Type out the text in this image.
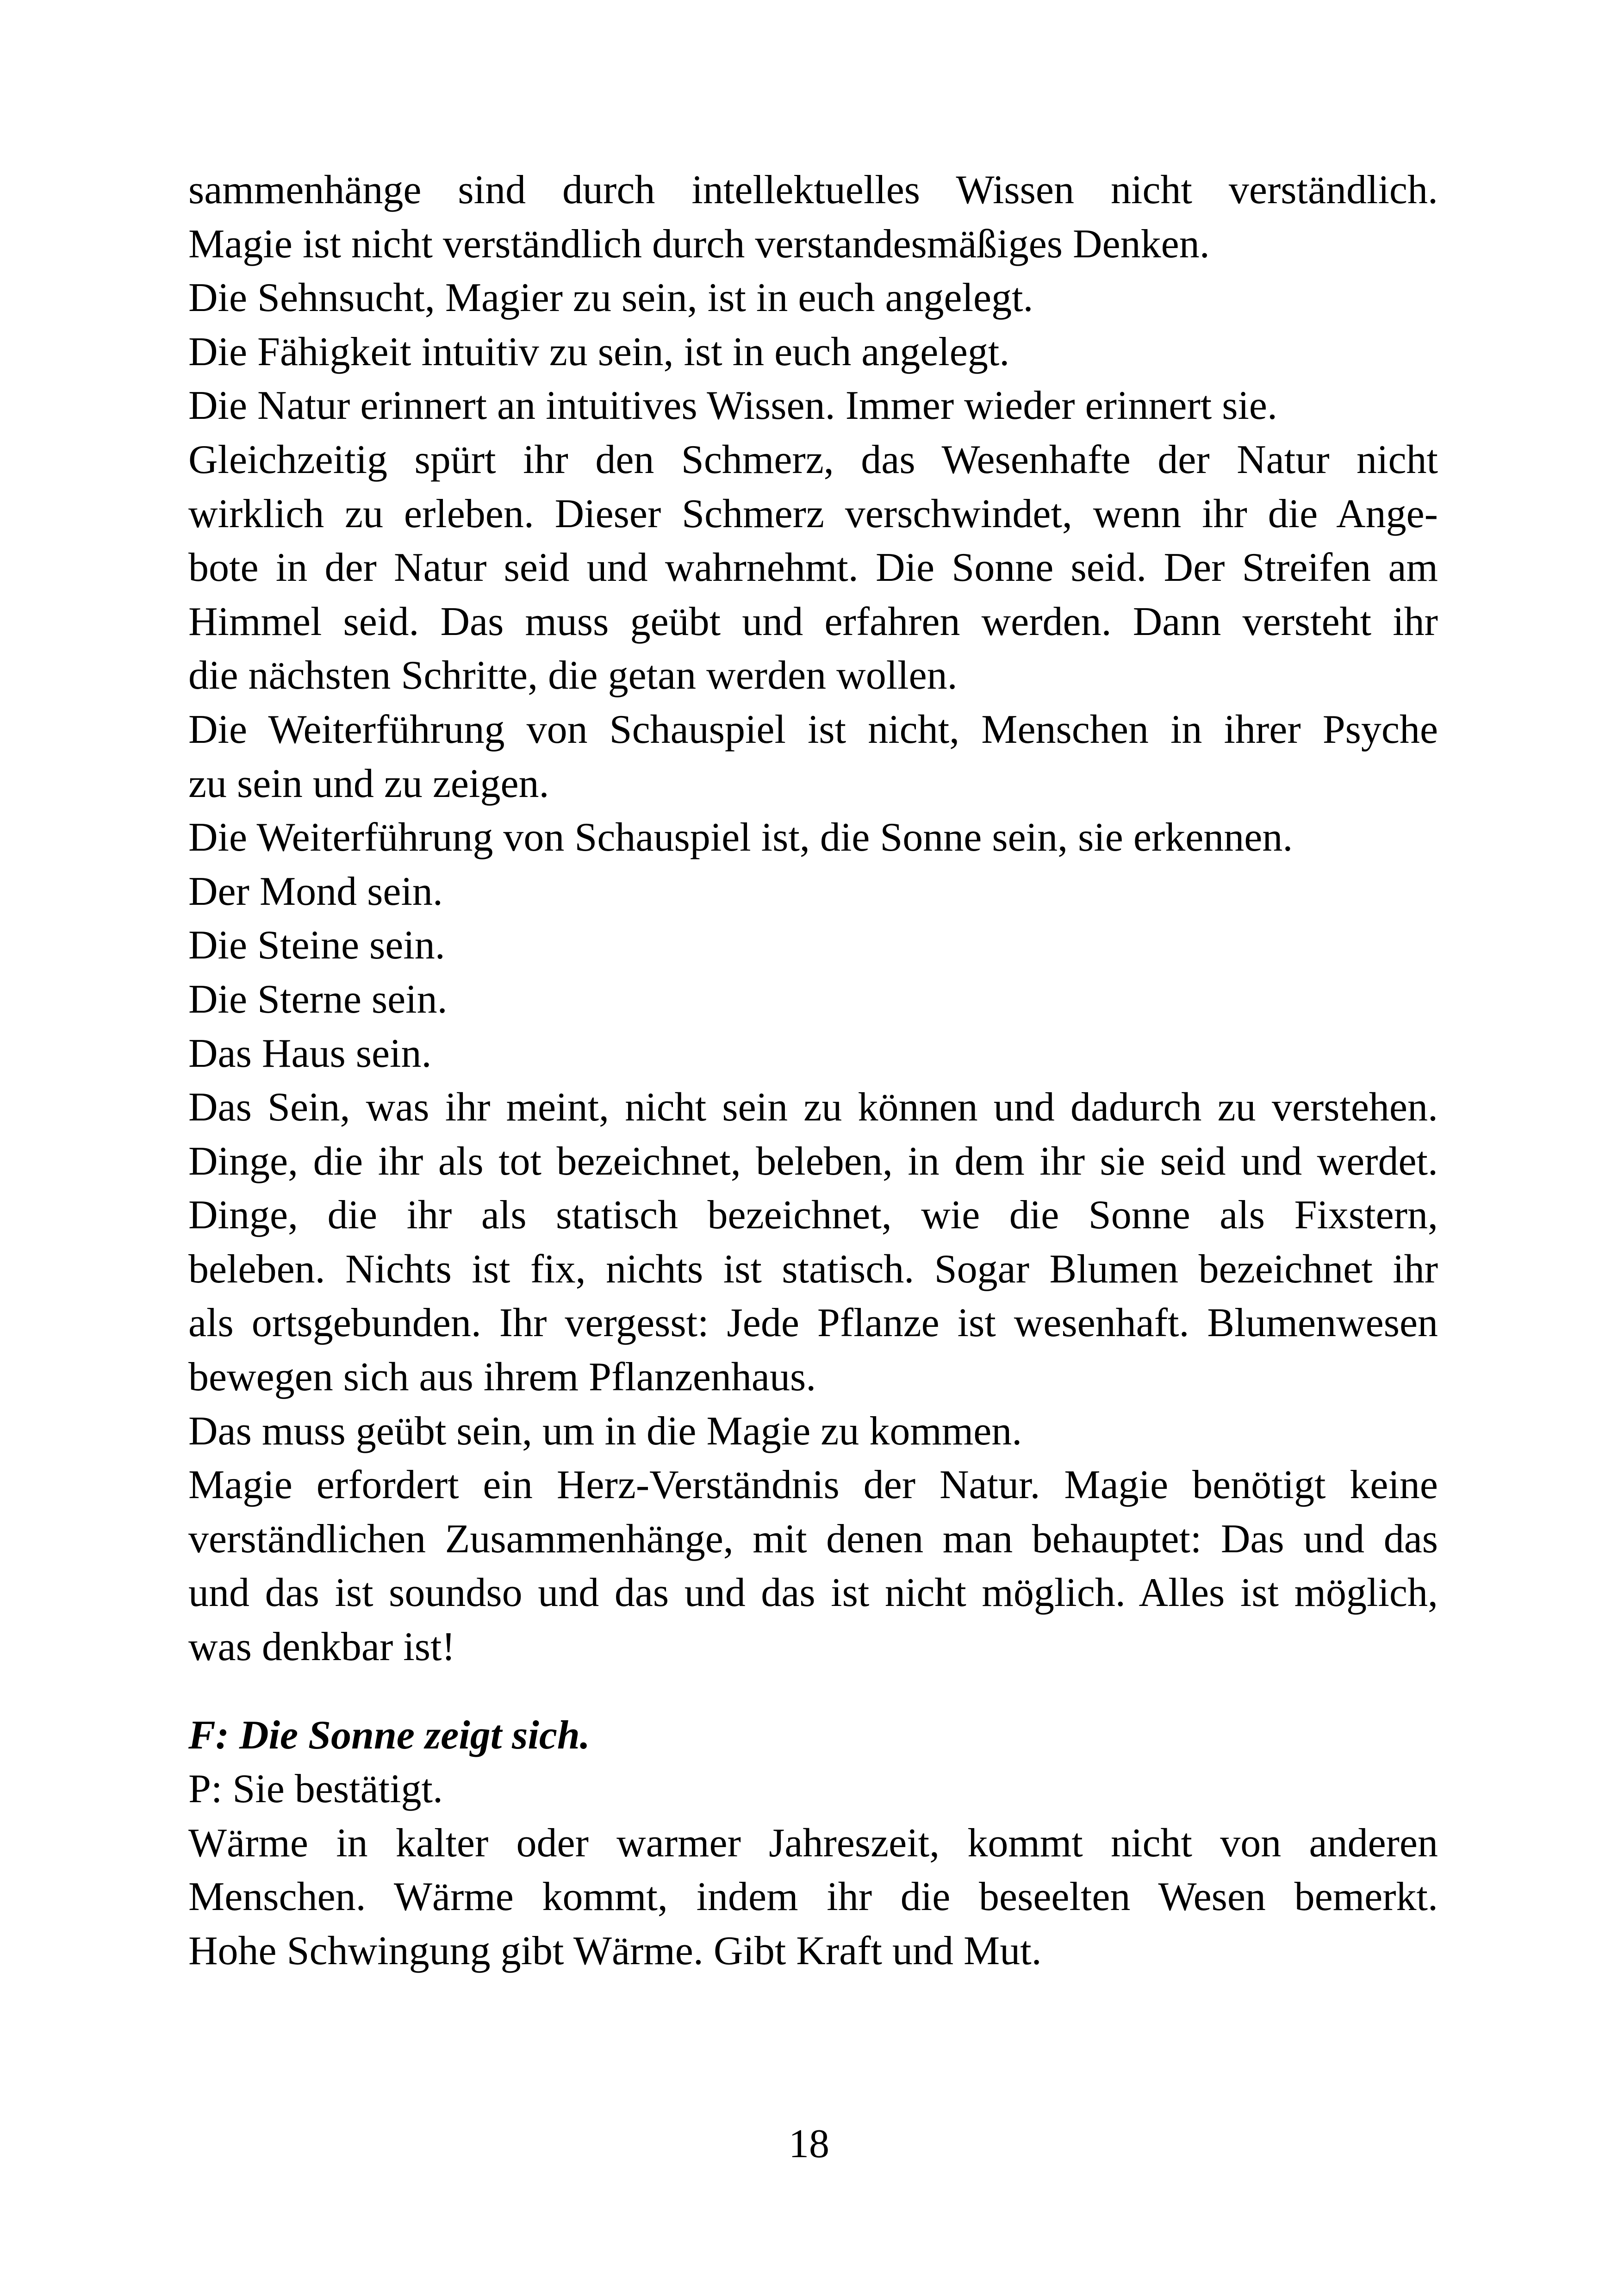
sammenhänge sind durch intellektuelles Wissen nicht verständlich.
Magie ist nicht verständlich durch verstandesmäßiges Denken.
Die Sehnsucht, Magier zu sein, ist in euch angelegt.
Die Fähigkeit intuitiv zu sein, ist in euch angelegt.
Die Natur erinnert an intuitives Wissen. Immer wieder erinnert sie.
Gleichzeitig spürt ihr den Schmerz, das Wesenhafte der Natur nicht
wirklich zu erleben. Dieser Schmerz verschwindet, wenn ihr die Ange-
bote in der Natur seid und wahrnehmt. Die Sonne seid. Der Streifen am
Himmel seid. Das muss geübt und erfahren werden. Dann versteht ihr
die nächsten Schritte, die getan werden wollen.
Die Weiterführung von Schauspiel ist nicht, Menschen in ihrer Psyche
zu sein und zu zeigen.
Die Weiterführung von Schauspiel ist, die Sonne sein, sie erkennen.
Der Mond sein.
Die Steine sein.
Die Sterne sein.
Das Haus sein.
Das Sein, was ihr meint, nicht sein zu können und dadurch zu verstehen.
Dinge, die ihr als tot bezeichnet, beleben, in dem ihr sie seid und werdet.
Dinge, die ihr als statisch bezeichnet, wie die Sonne als Fixstern,
beleben. Nichts ist fix, nichts ist statisch. Sogar Blumen bezeichnet ihr
als ortsgebunden. Ihr vergesst: Jede Pflanze ist wesenhaft. Blumenwesen
bewegen sich aus ihrem Pflanzenhaus.
Das muss geübt sein, um in die Magie zu kommen.
Magie erfordert ein Herz-Verständnis der Natur. Magie benötigt keine
verständlichen Zusammenhänge, mit denen man behauptet: Das und das
und das ist soundso und das und das ist nicht möglich. Alles ist möglich,
was denkbar ist!
F: Die Sonne zeigt sich.
P: Sie bestätigt.
Wärme in kalter oder warmer Jahreszeit, kommt nicht von anderen
Menschen. Wärme kommt, indem ihr die beseelten Wesen bemerkt.
Hohe Schwingung gibt Wärme. Gibt Kraft und Mut.
18
